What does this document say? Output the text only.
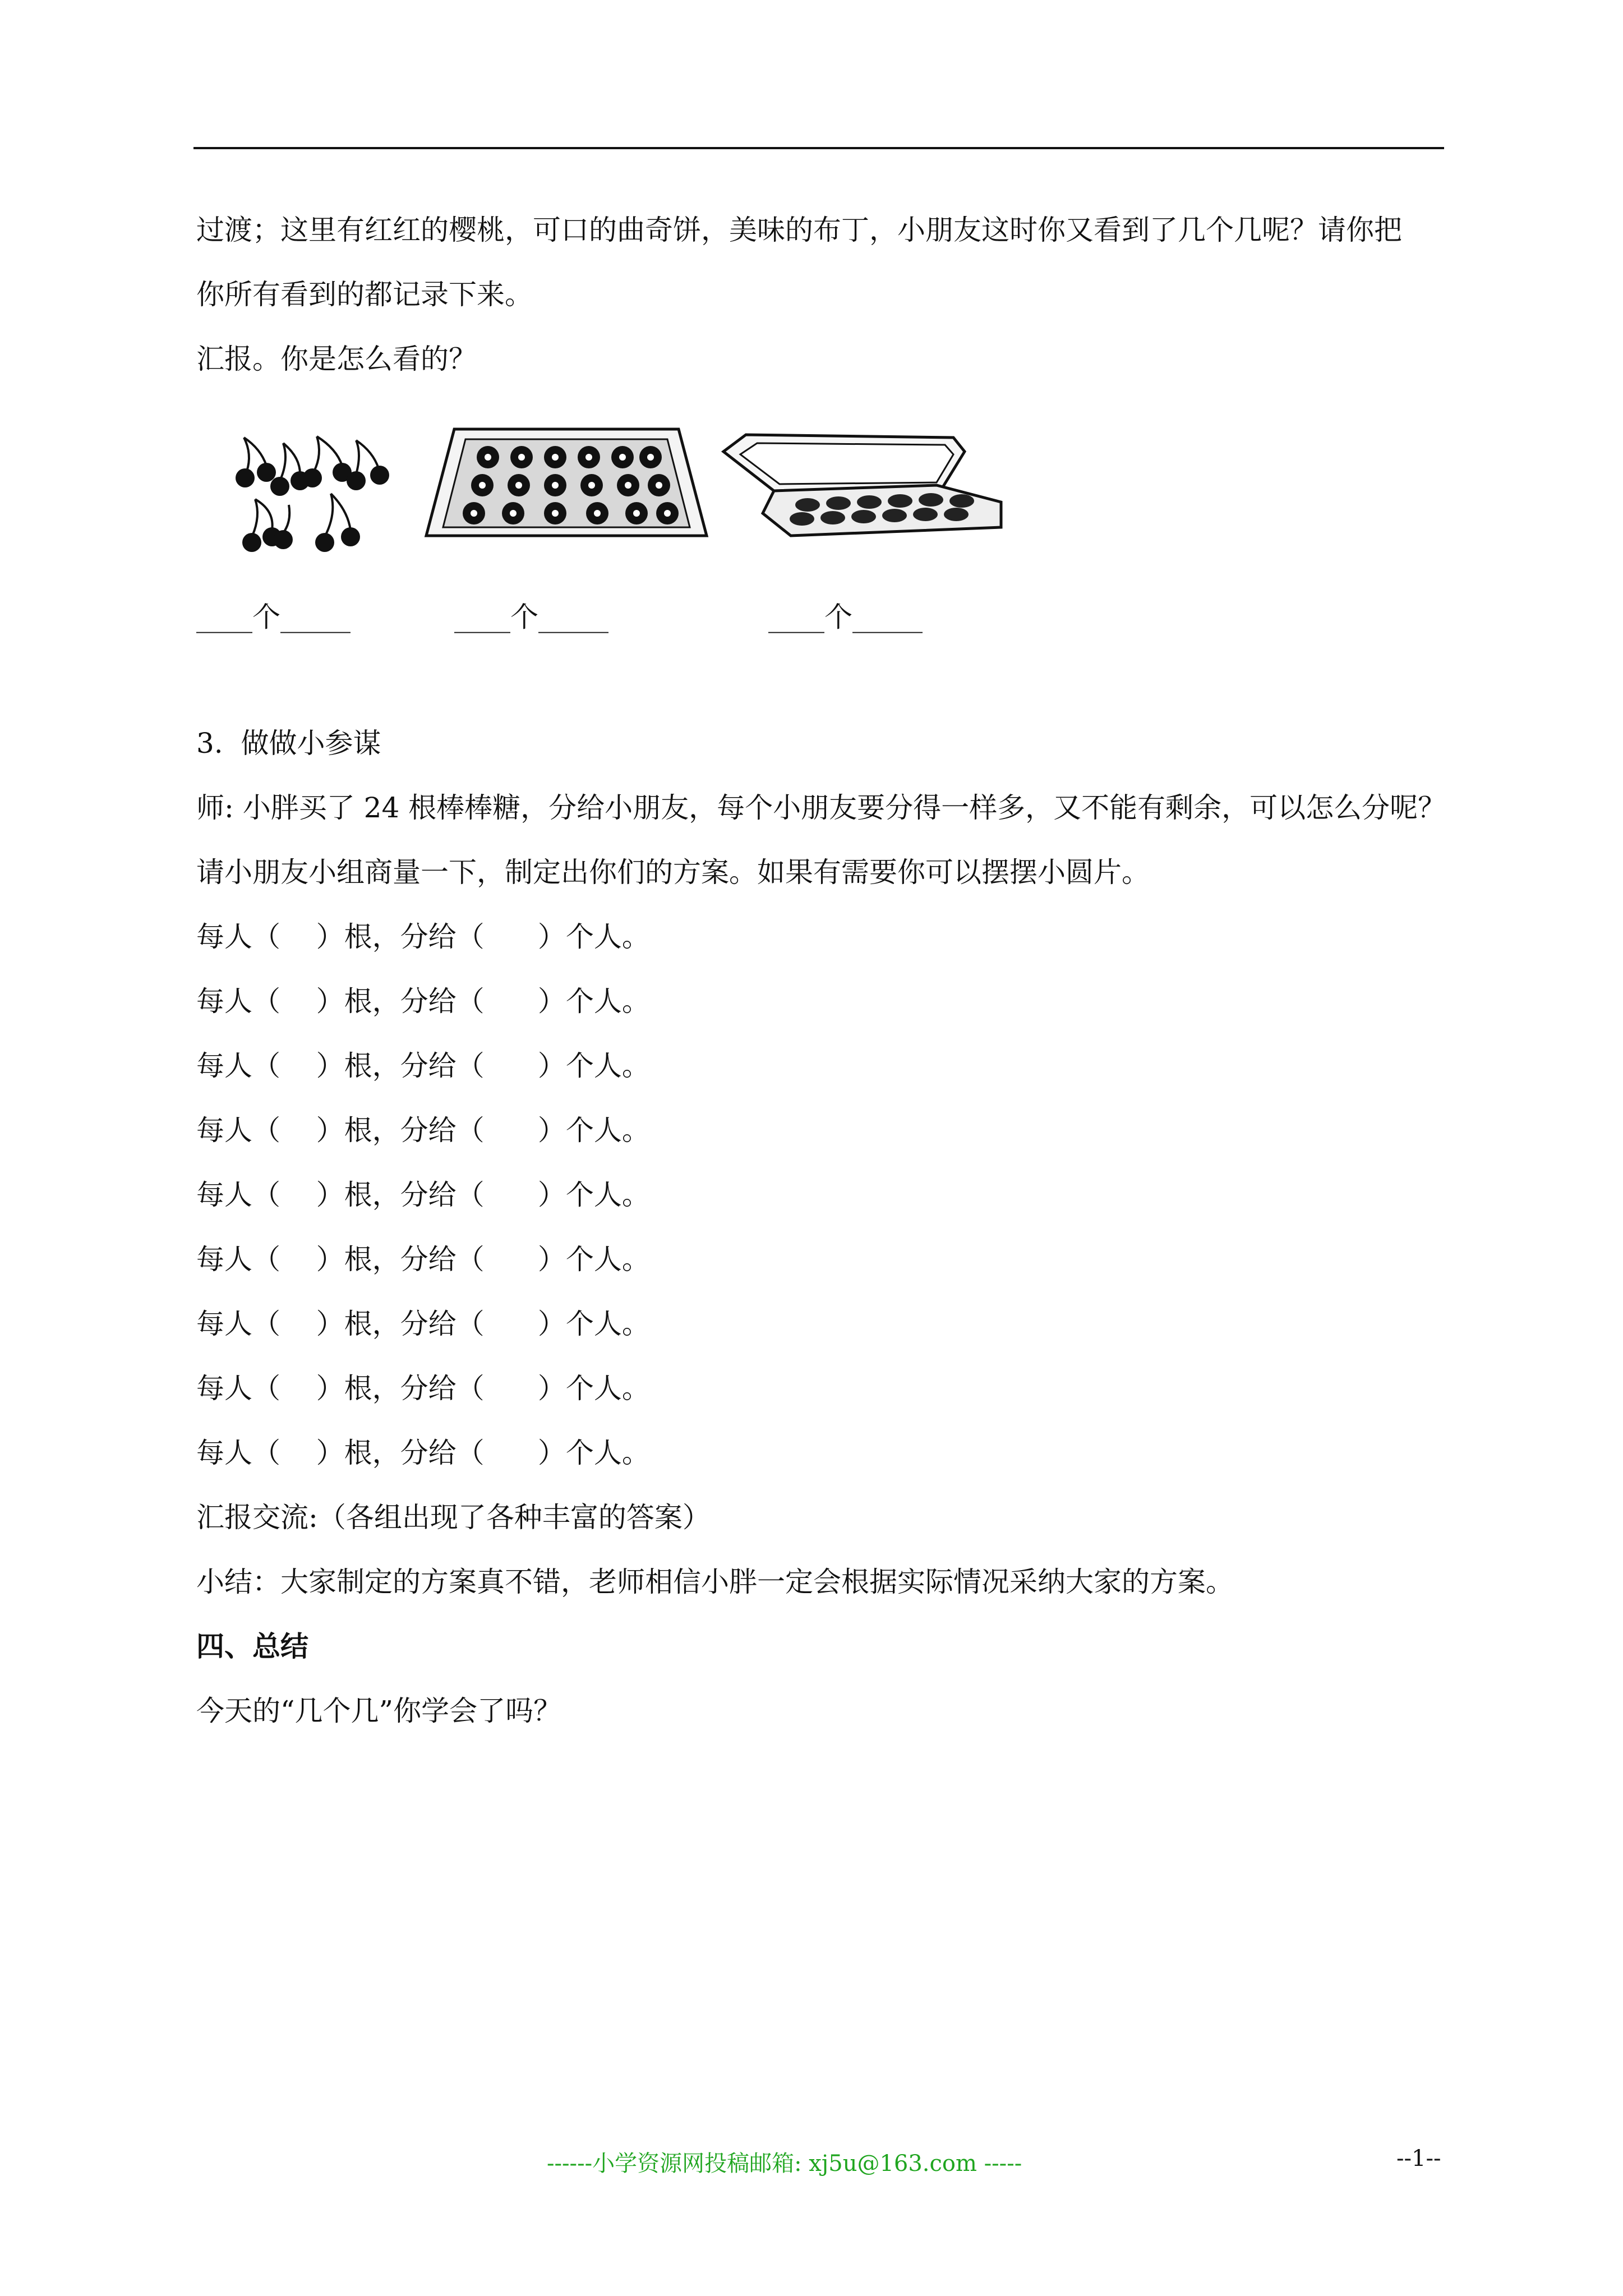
过渡；这里有红红的樱桃，可口的曲奇饼，美味的布丁，小朋友这时你又看到了几个几呢？请你把
你所有看到的都记录下来。
汇报。你是怎么看的？
____个_____	____个_____	____个_____
3.  做做小参谋
师: 小胖买了 24 根棒棒糖，分给小朋友，每个小朋友要分得一样多，又不能有剩余，可以怎么分呢？
请小朋友小组商量一下，制定出你们的方案。如果有需要你可以摆摆小圆片。
每人（    ）根，分给（      ）个人。
每人（    ）根，分给（      ）个人。
每人（    ）根，分给（      ）个人。
每人（    ）根，分给（      ）个人。
每人（    ）根，分给（      ）个人。
每人（    ）根，分给（      ）个人。
每人（    ）根，分给（      ）个人。
每人（    ）根，分给（      ）个人。
每人（    ）根，分给（      ）个人。
汇报交流:（各组出现了各种丰富的答案）
小结：大家制定的方案真不错，老师相信小胖一定会根据实际情况采纳大家的方案。
四、总结
今天的“几个几”你学会了吗？
------小学资源网投稿邮箱: xj5u@163.com -----	--1--
